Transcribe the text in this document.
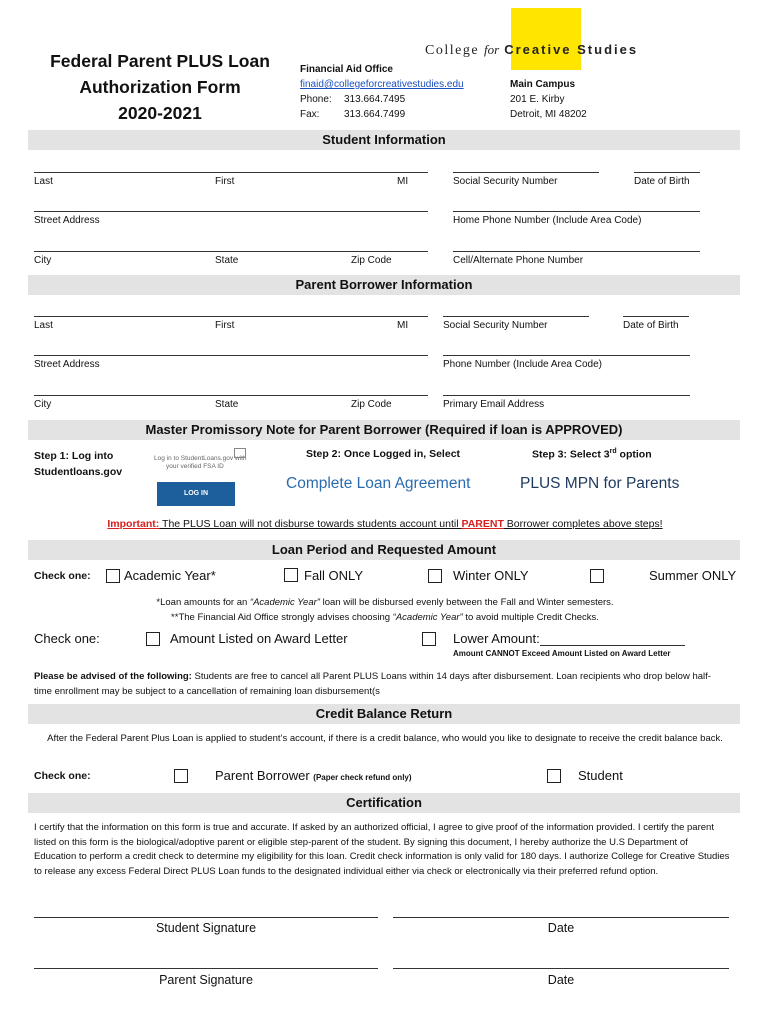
Federal Parent PLUS Loan
Authorization Form
2020-2021
Financial Aid Office
finaid@collegeforcreativestudies.edu
Phone: 313.664.7495
Fax: 313.664.7499
College for Creative Studies
Main Campus
201 E. Kirby
Detroit, MI 48202
Student Information
Last	First	MI	Social Security Number	Date of Birth
Street Address	Home Phone Number (Include Area Code)
City	State	Zip Code	Cell/Alternate Phone Number
Parent Borrower Information
Last	First	MI	Social Security Number	Date of Birth
Street Address	Phone Number (Include Area Code)
City	State	Zip Code	Primary Email Address
Master Promissory Note for Parent Borrower (Required if loan is APPROVED)
Step 1: Log into
Studentloans.gov
Log in to StudentLoans.gov with
your verified FSA ID
LOG IN
Step 2: Once Logged in, Select
Complete Loan Agreement
Step 3: Select 3rd option
PLUS MPN for Parents
Important: The PLUS Loan will not disburse towards students account until PARENT Borrower completes above steps!
Loan Period and Requested Amount
Check one:	Academic Year*	Fall ONLY	Winter ONLY	Summer ONLY
*Loan amounts for an “Academic Year” loan will be disbursed evenly between the Fall and Winter semesters.
**The Financial Aid Office strongly advises choosing “Academic Year” to avoid multiple Credit Checks.
Check one:	Amount Listed on Award Letter	Lower Amount:
Amount CANNOT Exceed Amount Listed on Award Letter
Please be advised of the following: Students are free to cancel all Parent PLUS Loans within 14 days after disbursement. Loan recipients who drop below half-time enrollment may be subject to a cancellation of remaining loan disbursement(s
Credit Balance Return
After the Federal Parent Plus Loan is applied to student’s account, if there is a credit balance, who would you like to designate to receive the credit balance back.
Check one:	Parent Borrower (Paper check refund only)	Student
Certification
I certify that the information on this form is true and accurate. If asked by an authorized official, I agree to give proof of the information provided. I certify the parent listed on this form is the biological/adoptive parent or eligible step-parent of the student. By signing this document, I hereby authorize the U.S Department of Education to perform a credit check to determine my eligibility for this loan. Credit check information is only valid for 180 days. I authorize College for Creative Studies to release any excess Federal Direct PLUS Loan funds to the designated individual either via check or electronically via their preferred refund option.
Student Signature	Date
Parent Signature	Date
